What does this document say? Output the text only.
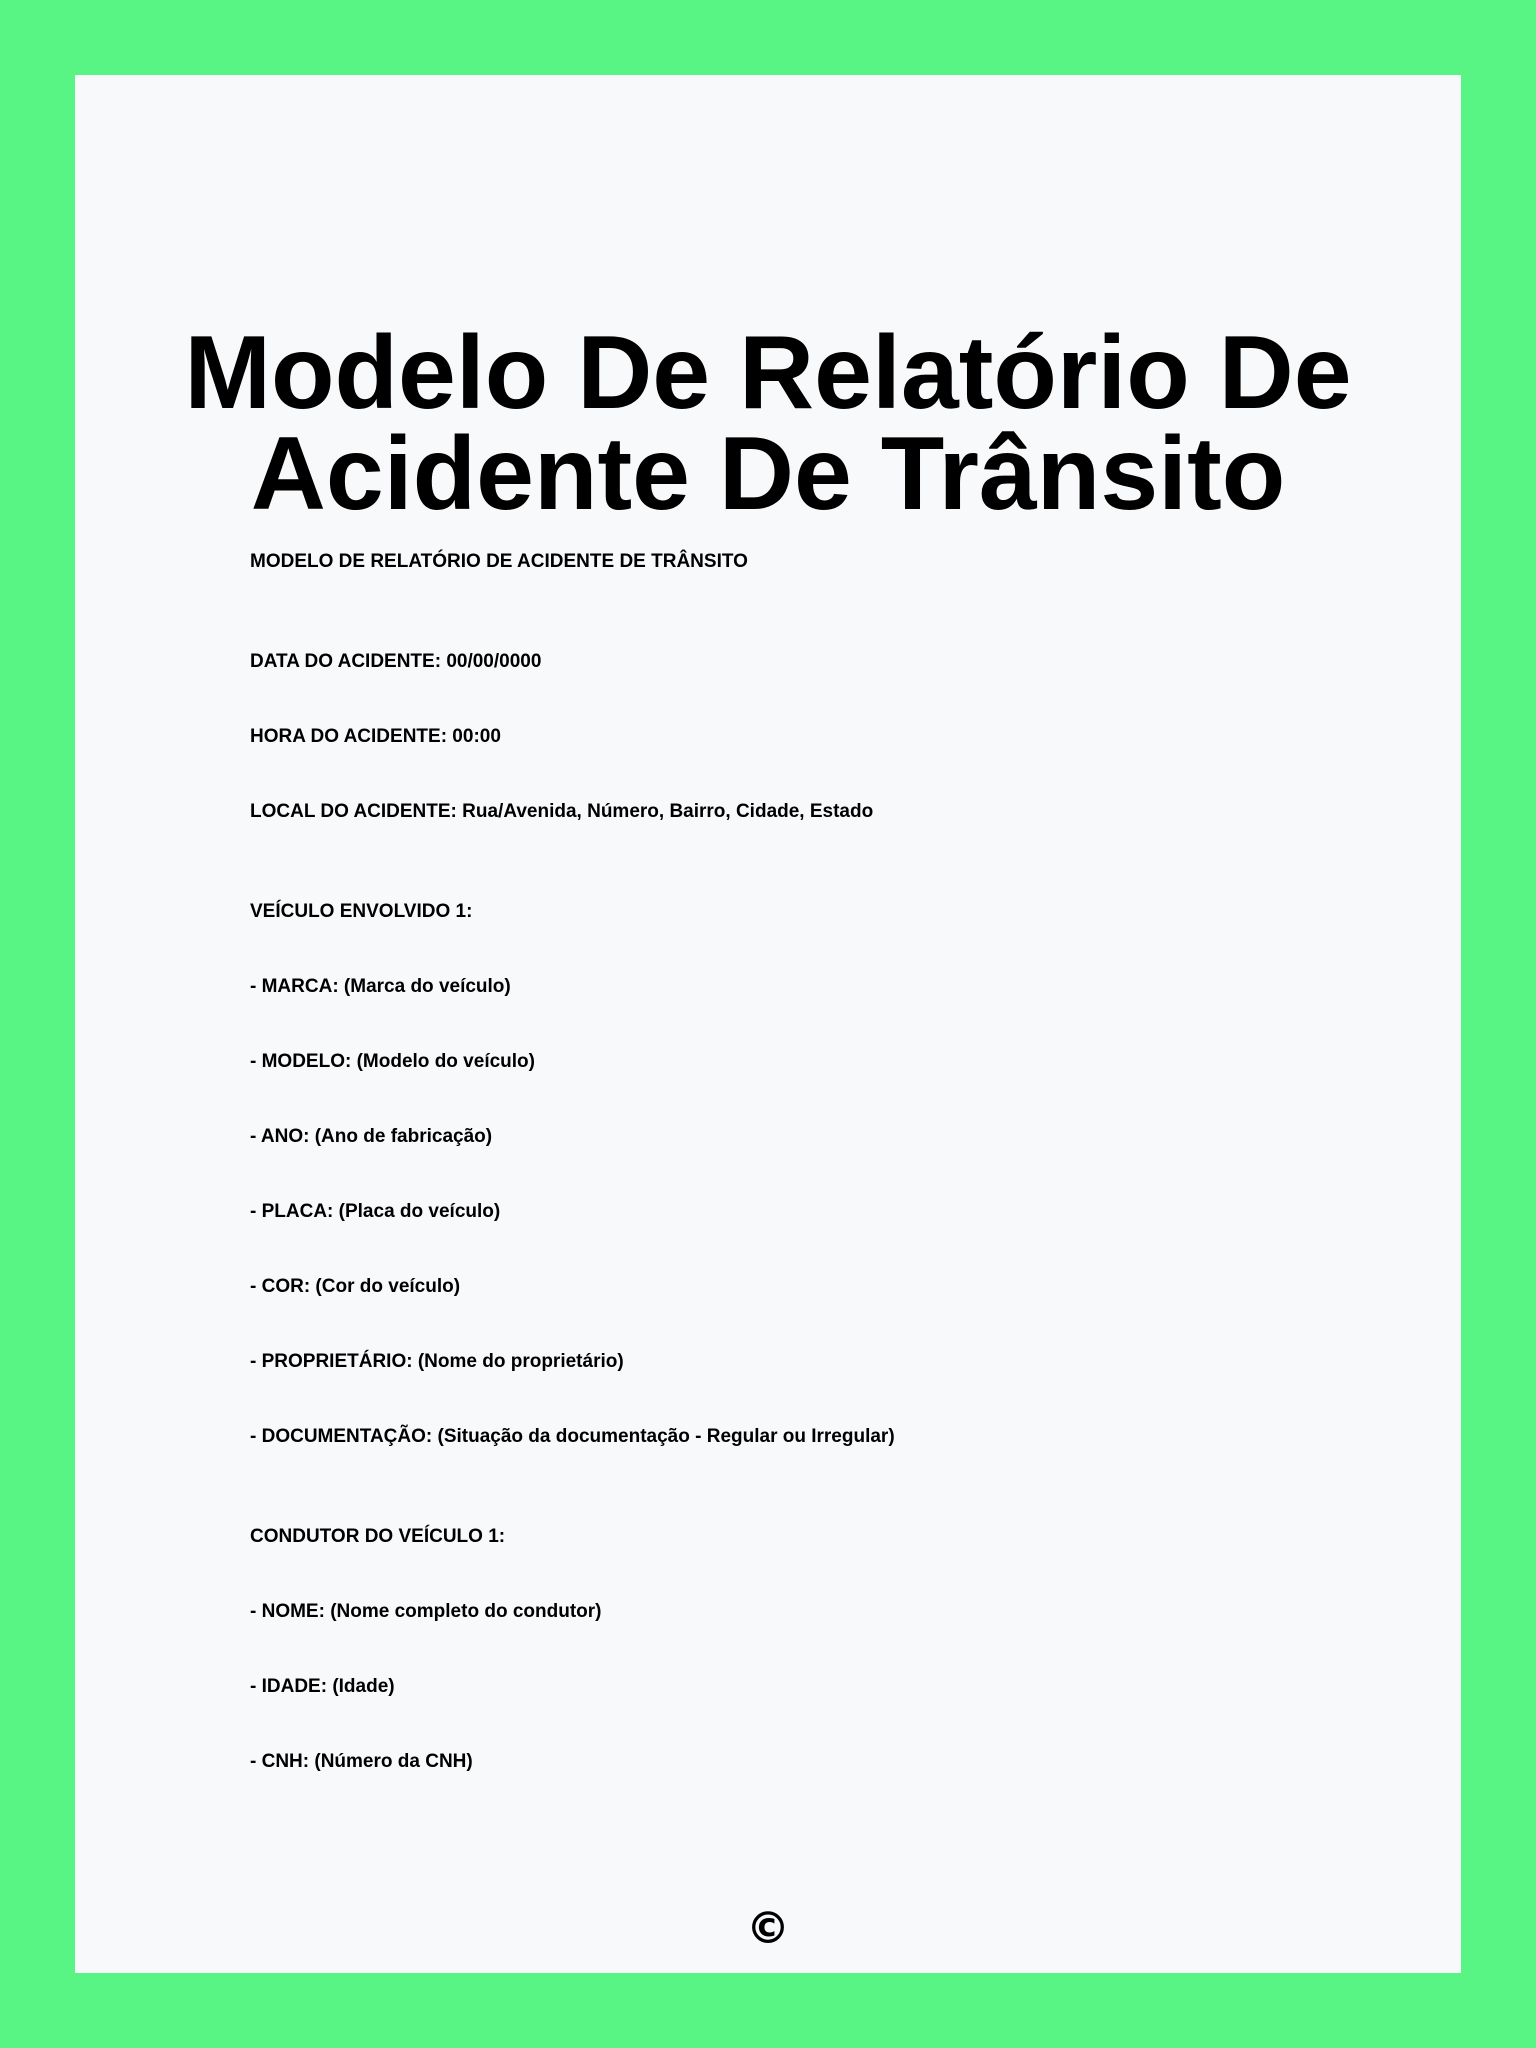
Modelo De Relatório De
Acidente De Trânsito

MODELO DE RELATÓRIO DE ACIDENTE DE TRÂNSITO

DATA DO ACIDENTE: 00/00/0000

HORA DO ACIDENTE: 00:00

LOCAL DO ACIDENTE: Rua/Avenida, Número, Bairro, Cidade, Estado

VEÍCULO ENVOLVIDO 1:

- MARCA: (Marca do veículo)

- MODELO: (Modelo do veículo)

- ANO: (Ano de fabricação)

- PLACA: (Placa do veículo)

- COR: (Cor do veículo)

- PROPRIETÁRIO: (Nome do proprietário)

- DOCUMENTAÇÃO: (Situação da documentação - Regular ou Irregular)

CONDUTOR DO VEÍCULO 1:

- NOME: (Nome completo do condutor)

- IDADE: (Idade)

- CNH: (Número da CNH)

©
